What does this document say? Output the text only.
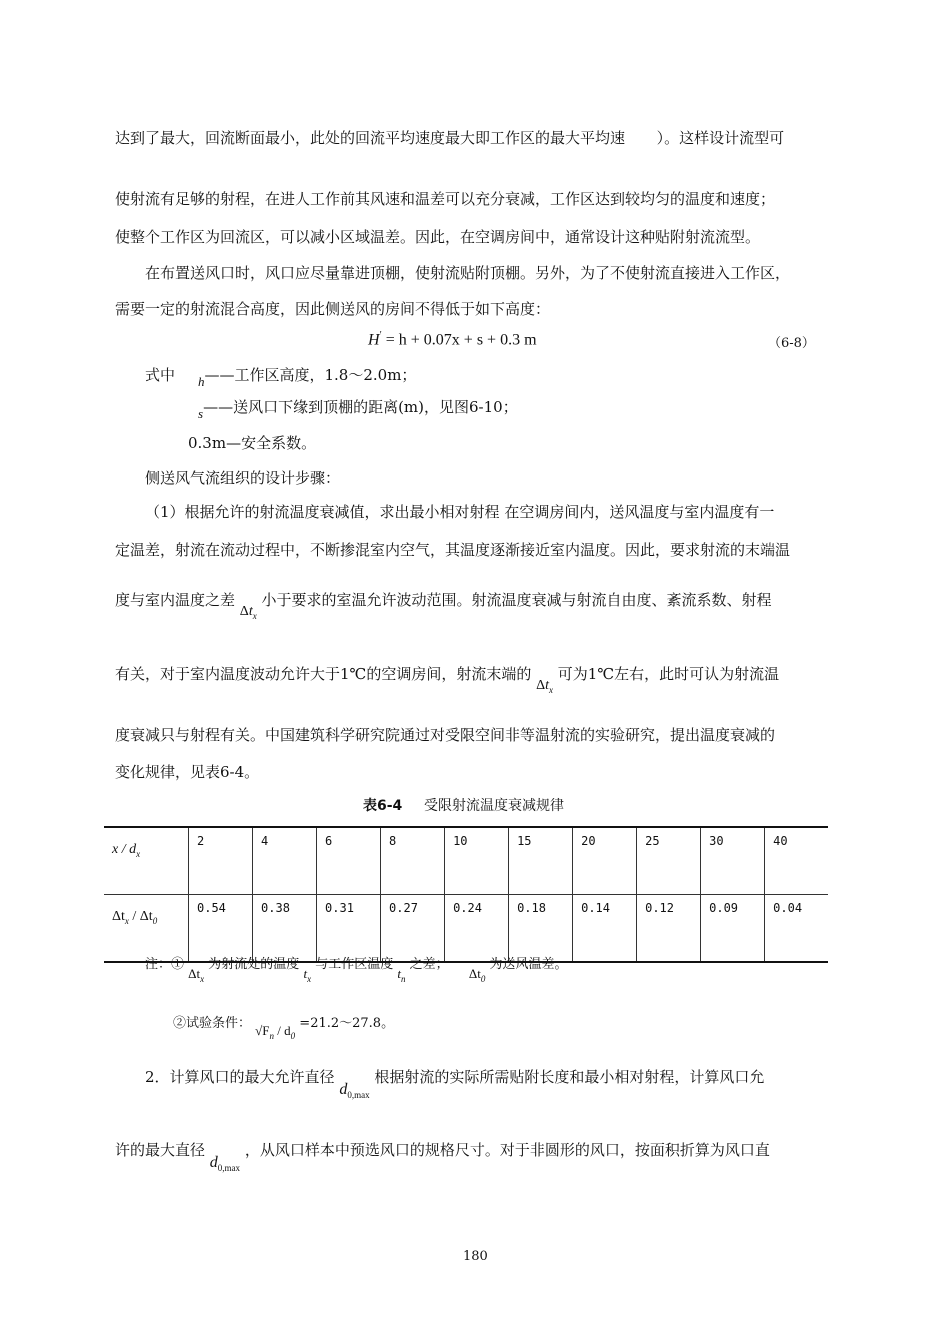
达到了最大，回流断面最小，此处的回流平均速度最大即工作区的最大平均速 ）。这样设计流型可
使射流有足够的射程，在进人工作前其风速和温差可以充分衰减，工作区达到较均匀的温度和速度；
使整个工作区为回流区，可以减小区域温差。因此，在空调房间中，通常设计这种贴附射流流型。
在布置送风口时，风口应尽量靠进顶棚，使射流贴附顶棚。另外，为了不使射流直接进入工作区，
需要一定的射流混合高度，因此侧送风的房间不得低于如下高度：
H′ = h + 0.07x + s + 0.3 m	（6-8）
式中 h——工作区高度，1.8～2.0m；
s——送风口下缘到顶棚的距离(m)，见图6-10；
0.3m—安全系数。
侧送风气流组织的设计步骤：
（1）根据允许的射流温度衰减值，求出最小相对射程 在空调房间内，送风温度与室内温度有一
定温差，射流在流动过程中，不断掺混室内空气，其温度逐渐接近室内温度。因此，要求射流的末端温
度与室内温度之差 $\Delta t_x$ 小于要求的室温允许波动范围。射流温度衰减与射流自由度、紊流系数、射程
有关，对于室内温度波动允许大于1℃的空调房间，射流末端的 $\Delta t_x$ 可为1℃左右，此时可认为射流温
度衰减只与射程有关。中国建筑科学研究院通过对受限空间非等温射流的实验研究，提出温度衰减的
变化规律，见表6-4。
表6-4 受限射流温度衰减规律
x / $d_x$	2	4	6	8	10	15	20	25	30	40
$\Delta t_x / \Delta t_0$	0.54	0.38	0.31	0.27	0.24	0.18	0.14	0.12	0.09	0.04
注：① $\Delta t_x$ 为射流处的温度 $t_x$ 与工作区温度 $t_n$ 之差；  $\Delta t_0$ 为送风温差。
②试验条件： $√F_n / d_0$ =21.2～27.8。
2．计算风口的最大允许直径 $d_{0,max}$ 根据射流的实际所需贴附长度和最小相对射程，计算风口允
许的最大直径 $d_{0,max}$ ，从风口样本中预选风口的规格尺寸。对于非圆形的风口，按面积折算为风口直
180
